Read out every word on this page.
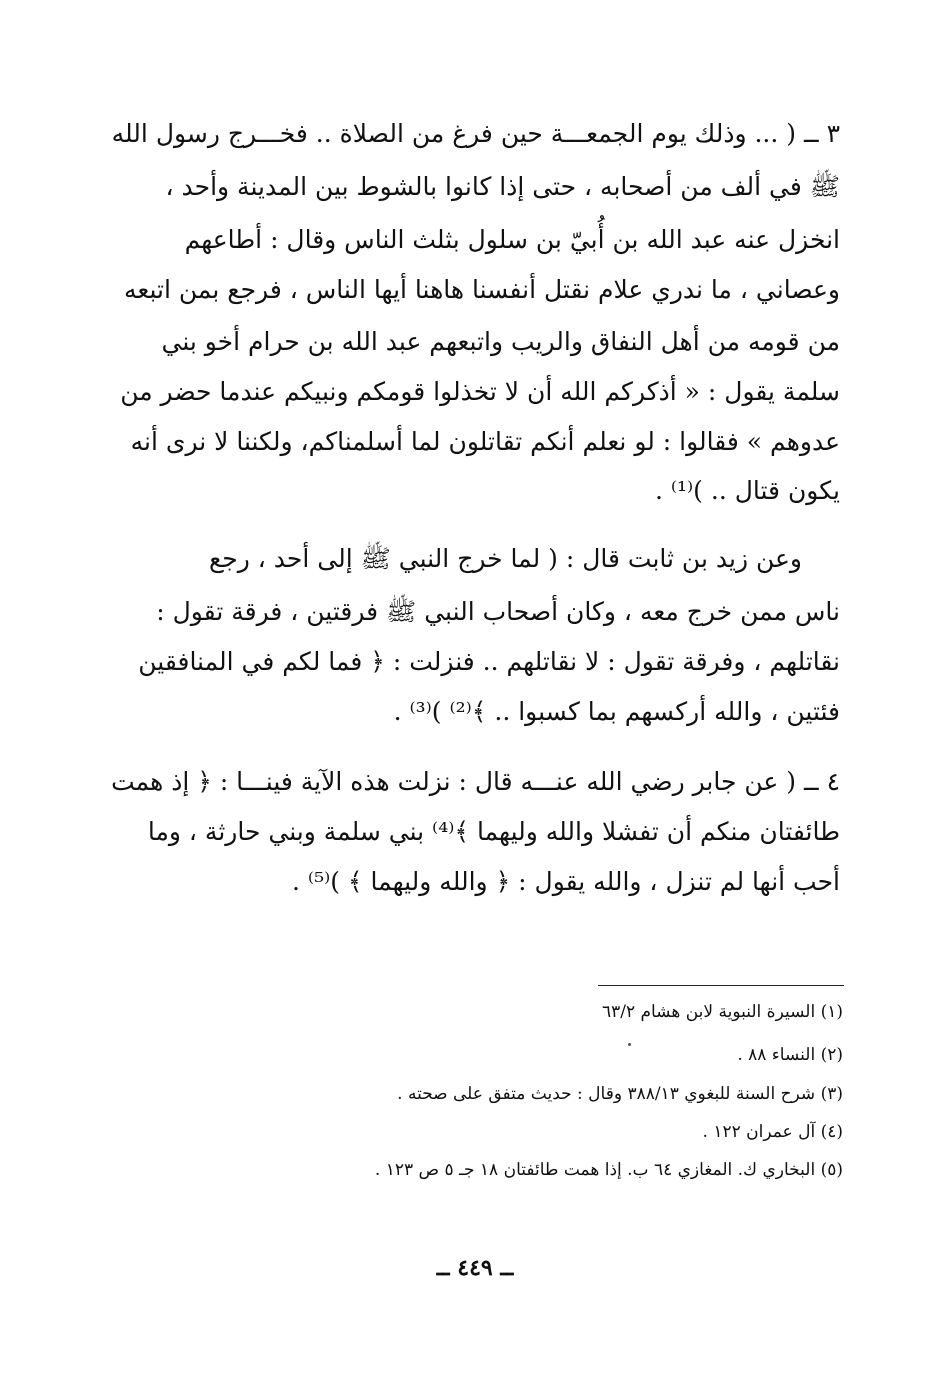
٣ ــ ( ... وذلك يوم الجمعـــة حين فرغ من الصلاة .. فخـــرج رسول الله
ﷺ في ألف من أصحابه ، حتى إذا كانوا بالشوط بين المدينة وأحد ،
انخزل عنه عبد الله بن أُبيّ بن سلول بثلث الناس وقال : أطاعهم
وعصاني ، ما ندري علام نقتل أنفسنا هاهنا أيها الناس ، فرجع بمن اتبعه
من قومه من أهل النفاق والريب واتبعهم عبد الله بن حرام أخو بني
سلمة يقول : « أذكركم الله أن لا تخذلوا قومكم ونبيكم عندما حضر من
عدوهم » فقالوا : لو نعلم أنكم تقاتلون لما أسلمناكم، ولكننا لا نرى أنه
يكون قتال .. )⁽¹⁾ .
وعن زيد بن ثابت قال : ( لما خرج النبي ﷺ إلى أحد ، رجع
ناس ممن خرج معه ، وكان أصحاب النبي ﷺ فرقتين ، فرقة تقول :
نقاتلهم ، وفرقة تقول : لا نقاتلهم .. فنزلت : ﴿ فما لكم في المنافقين
فئتين ، والله أركسهم بما كسبوا .. ﴾⁽²⁾ )⁽³⁾ .
٤ ــ ( عن جابر رضي الله عنـــه قال : نزلت هذه الآية فينـــا : ﴿ إذ همت
طائفتان منكم أن تفشلا والله وليهما ﴾⁽⁴⁾ بني سلمة وبني حارثة ، وما
أحب أنها لم تنزل ، والله يقول : ﴿ والله وليهما ﴾ )⁽⁵⁾ .
(١) السيرة النبوية لابن هشام ٦٣/٢
(٢) النساء ٨٨ .
(٣) شرح السنة للبغوي ٣٨٨/١٣ وقال : حديث متفق على صحته .
(٤) آل عمران ١٢٢ .
(٥) البخاري ك. المغازي ٦٤ ب. إذا همت طائفتان ١٨ جـ ٥ ص ١٢٣ .
ــ ٤٤٩ ــ
